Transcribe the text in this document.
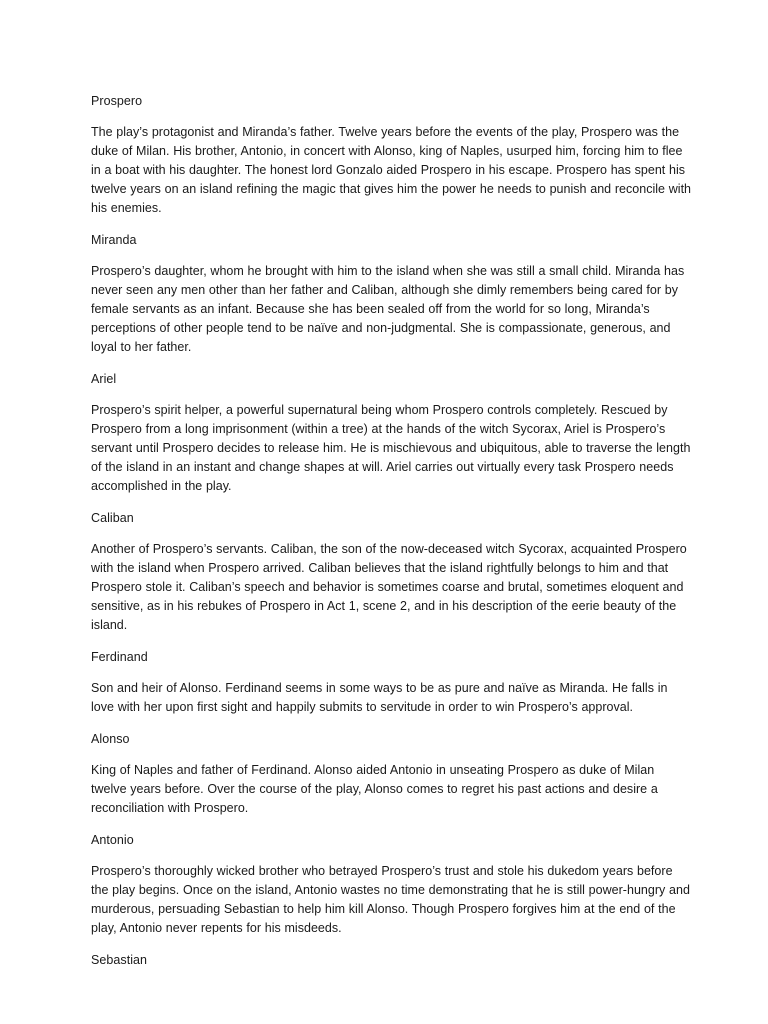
Prospero

The play’s protagonist and Miranda’s father. Twelve years before the events of the play, Prospero was the duke of Milan. His brother, Antonio, in concert with Alonso, king of Naples, usurped him, forcing him to flee in a boat with his daughter. The honest lord Gonzalo aided Prospero in his escape. Prospero has spent his twelve years on an island refining the magic that gives him the power he needs to punish and reconcile with his enemies.

Miranda

Prospero’s daughter, whom he brought with him to the island when she was still a small child. Miranda has never seen any men other than her father and Caliban, although she dimly remembers being cared for by female servants as an infant. Because she has been sealed off from the world for so long, Miranda’s perceptions of other people tend to be naïve and non-judgmental. She is compassionate, generous, and loyal to her father.

Ariel

Prospero’s spirit helper, a powerful supernatural being whom Prospero controls completely. Rescued by Prospero from a long imprisonment (within a tree) at the hands of the witch Sycorax, Ariel is Prospero’s servant until Prospero decides to release him. He is mischievous and ubiquitous, able to traverse the length of the island in an instant and change shapes at will. Ariel carries out virtually every task Prospero needs accomplished in the play.

Caliban

Another of Prospero’s servants. Caliban, the son of the now-deceased witch Sycorax, acquainted Prospero with the island when Prospero arrived. Caliban believes that the island rightfully belongs to him and that Prospero stole it. Caliban’s speech and behavior is sometimes coarse and brutal, sometimes eloquent and sensitive, as in his rebukes of Prospero in Act 1, scene 2, and in his description of the eerie beauty of the island.

Ferdinand

Son and heir of Alonso. Ferdinand seems in some ways to be as pure and naïve as Miranda. He falls in love with her upon first sight and happily submits to servitude in order to win Prospero’s approval.

Alonso

King of Naples and father of Ferdinand. Alonso aided Antonio in unseating Prospero as duke of Milan twelve years before. Over the course of the play, Alonso comes to regret his past actions and desire a reconciliation with Prospero.

Antonio

Prospero’s thoroughly wicked brother who betrayed Prospero’s trust and stole his dukedom years before the play begins. Once on the island, Antonio wastes no time demonstrating that he is still power-hungry and murderous, persuading Sebastian to help him kill Alonso. Though Prospero forgives him at the end of the play, Antonio never repents for his misdeeds.

Sebastian
